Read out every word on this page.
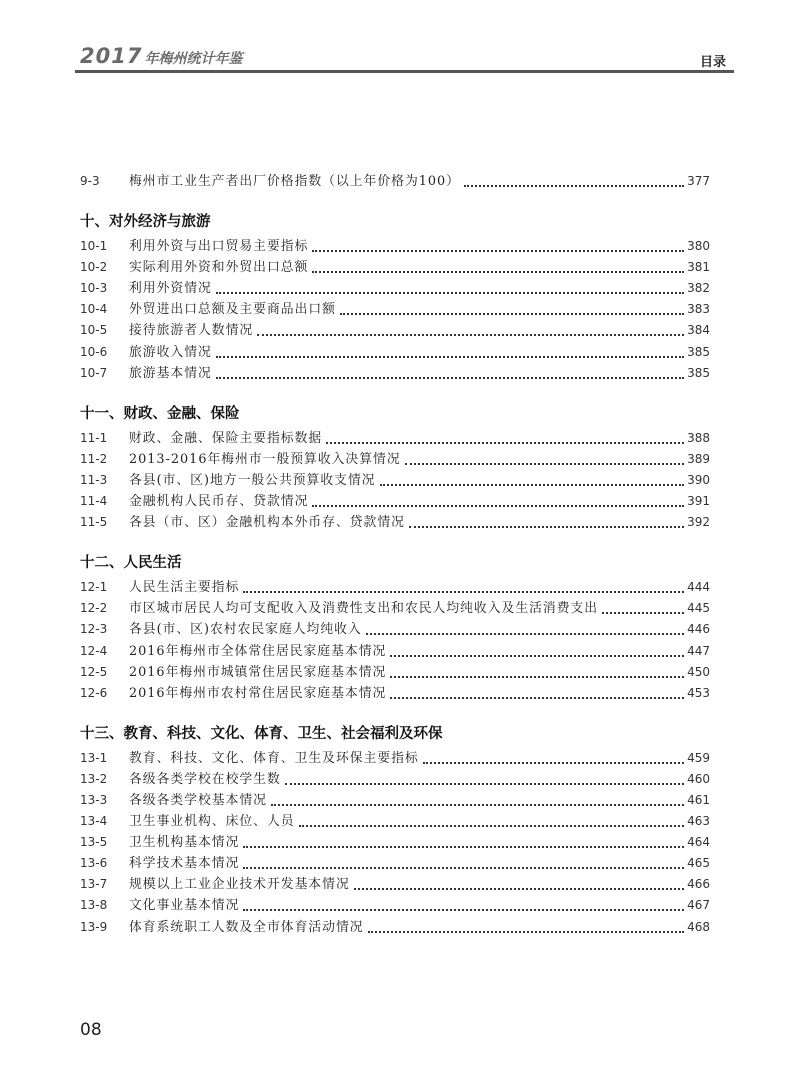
2017 年梅州统计年鉴	目录
9-3	梅州市工业生产者出厂价格指数（以上年价格为100）	377
十、对外经济与旅游
10-1	利用外资与出口贸易主要指标	380
10-2	实际利用外资和外贸出口总额	381
10-3	利用外资情况	382
10-4	外贸进出口总额及主要商品出口额	383
10-5	接待旅游者人数情况	384
10-6	旅游收入情况	385
10-7	旅游基本情况	385
十一、财政、金融、保险
11-1	财政、金融、保险主要指标数据	388
11-2	2013-2016年梅州市一般预算收入决算情况	389
11-3	各县(市、区)地方一般公共预算收支情况	390
11-4	金融机构人民币存、贷款情况	391
11-5	各县（市、区）金融机构本外币存、贷款情况	392
十二、人民生活
12-1	人民生活主要指标	444
12-2	市区城市居民人均可支配收入及消费性支出和农民人均纯收入及生活消费支出	445
12-3	各县(市、区)农村农民家庭人均纯收入	446
12-4	2016年梅州市全体常住居民家庭基本情况	447
12-5	2016年梅州市城镇常住居民家庭基本情况	450
12-6	2016年梅州市农村常住居民家庭基本情况	453
十三、教育、科技、文化、体育、卫生、社会福利及环保
13-1	教育、科技、文化、体育、卫生及环保主要指标	459
13-2	各级各类学校在校学生数	460
13-3	各级各类学校基本情况	461
13-4	卫生事业机构、床位、人员	463
13-5	卫生机构基本情况	464
13-6	科学技术基本情况	465
13-7	规模以上工业企业技术开发基本情况	466
13-8	文化事业基本情况	467
13-9	体育系统职工人数及全市体育活动情况	468
08
